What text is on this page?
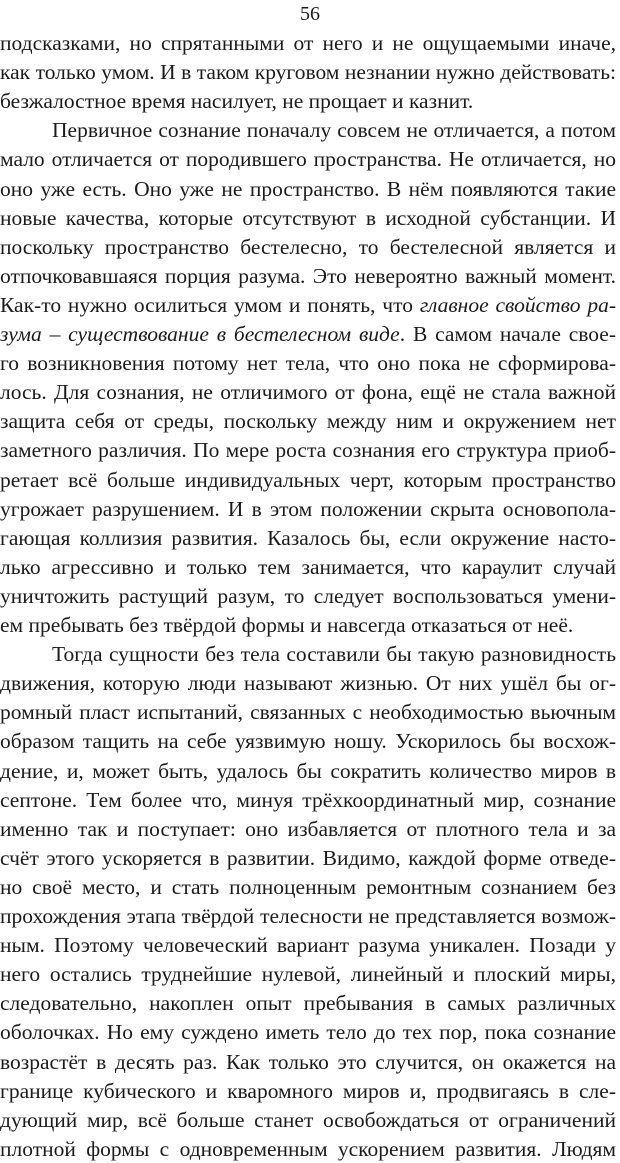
56

подсказками, но спрятанными от него и не ощущаемыми иначе,

как только умом. И в таком круговом незнании нужно действовать:

безжалостное время насилует, не прощает и казнит.

Первичное сознание поначалу совсем не отличается, а потом

мало отличается от породившего пространства. Не отличается, но

оно уже есть. Оно уже не пространство. В нём появляются такие

новые качества, которые отсутствуют в исходной субстанции. И

поскольку пространство бестелесно, то бестелесной является и

отпочковавшаяся порция разума. Это невероятно важный момент.

Как-то нужно осилиться умом и понять, что главное свойство ра-

зума – существование в бестелесном виде. В самом начале свое-

го возникновения потому нет тела, что оно пока не сформирова-

лось. Для сознания, не отличимого от фона, ещё не стала важной

защита себя от среды, поскольку между ним и окружением нет

заметного различия. По мере роста сознания его структура приоб-

ретает всё больше индивидуальных черт, которым пространство

угрожает разрушением. И в этом положении скрыта основопола-

гающая коллизия развития. Казалось бы, если окружение насто-

лько агрессивно и только тем занимается, что караулит случай

уничтожить растущий разум, то следует воспользоваться умени-

ем пребывать без твёрдой формы и навсегда отказаться от неё.

Тогда сущности без тела составили бы такую разновидность

движения, которую люди называют жизнью. От них ушёл бы ог-

ромный пласт испытаний, связанных с необходимостью вьючным

образом тащить на себе уязвимую ношу. Ускорилось бы восхож-

дение, и, может быть, удалось бы сократить количество миров в

септоне. Тем более что, минуя трёхкоординатный мир, сознание

именно так и поступает: оно избавляется от плотного тела и за

счёт этого ускоряется в развитии. Видимо, каждой форме отведе-

но своё место, и стать полноценным ремонтным сознанием без

прохождения этапа твёрдой телесности не представляется возмож-

ным. Поэтому человеческий вариант разума уникален. Позади у

него остались труднейшие нулевой, линейный и плоский миры,

следовательно, накоплен опыт пребывания в самых различных

оболочках. Но ему суждено иметь тело до тех пор, пока сознание

возрастёт в десять раз. Как только это случится, он окажется на

границе кубического и кваромного миров и, продвигаясь в сле-

дующий мир, всё больше станет освобождаться от ограничений

плотной формы с одновременным ускорением развития. Людям
